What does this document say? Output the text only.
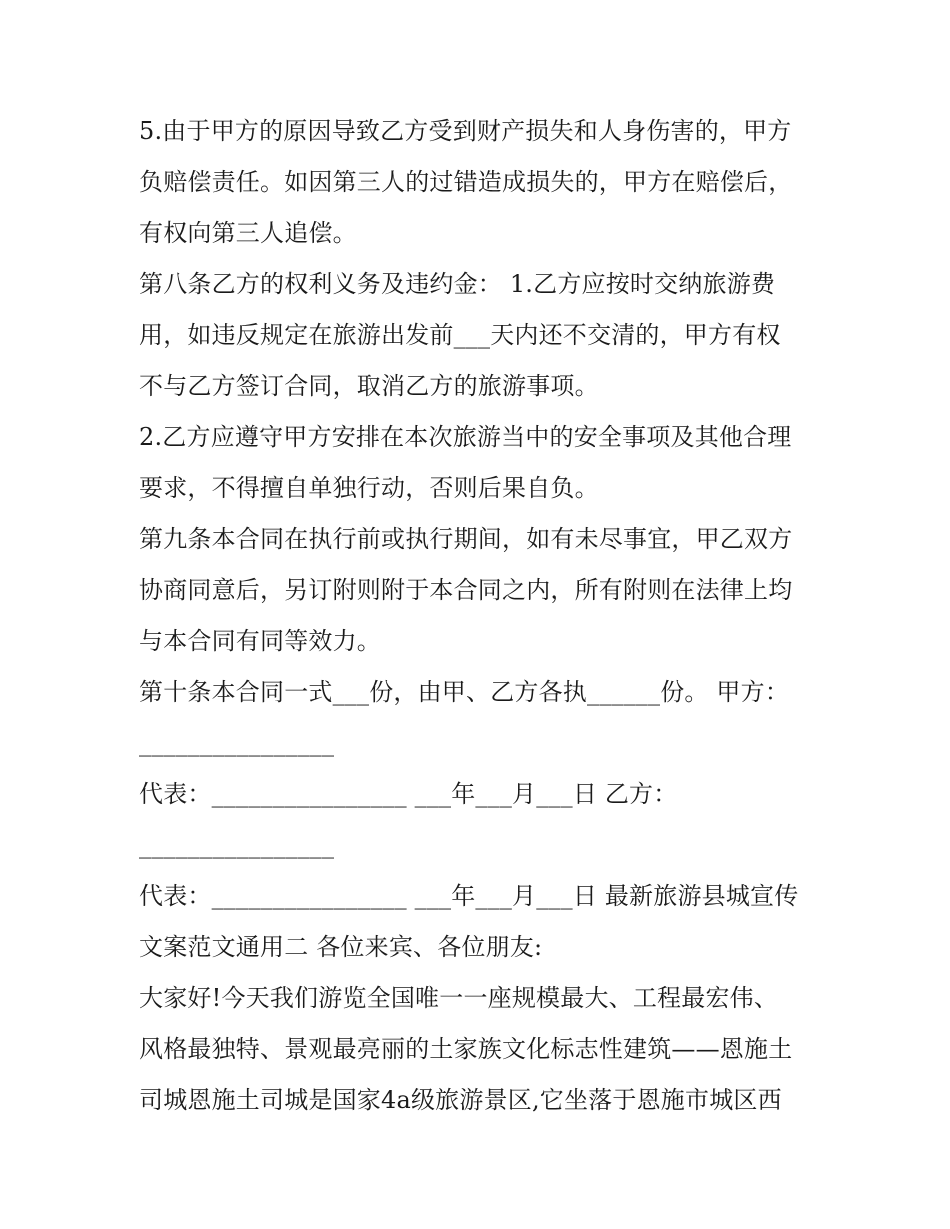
5.由于甲方的原因导致乙方受到财产损失和人身伤害的，甲方
负赔偿责任。如因第三人的过错造成损失的，甲方在赔偿后，
有权向第三人追偿。
第八条乙方的权利义务及违约金： 1.乙方应按时交纳旅游费
用，如违反规定在旅游出发前___天内还不交清的，甲方有权
不与乙方签订合同，取消乙方的旅游事项。
2.乙方应遵守甲方安排在本次旅游当中的安全事项及其他合理
要求，不得擅自单独行动，否则后果自负。
第九条本合同在执行前或执行期间，如有未尽事宜，甲乙双方
协商同意后，另订附则附于本合同之内，所有附则在法律上均
与本合同有同等效力。
第十条本合同一式___份，由甲、乙方各执______份。 甲方：
________________
代表：________________ ___年___月___日 乙方：
________________
代表：________________ ___年___月___日 最新旅游县城宣传
文案范文通用二 各位来宾、各位朋友:
大家好!今天我们游览全国唯一一座规模最大、工程最宏伟、
风格最独特、景观最亮丽的土家族文化标志性建筑——恩施土
司城恩施土司城是国家4a级旅游景区,它坐落于恩施市城区西
